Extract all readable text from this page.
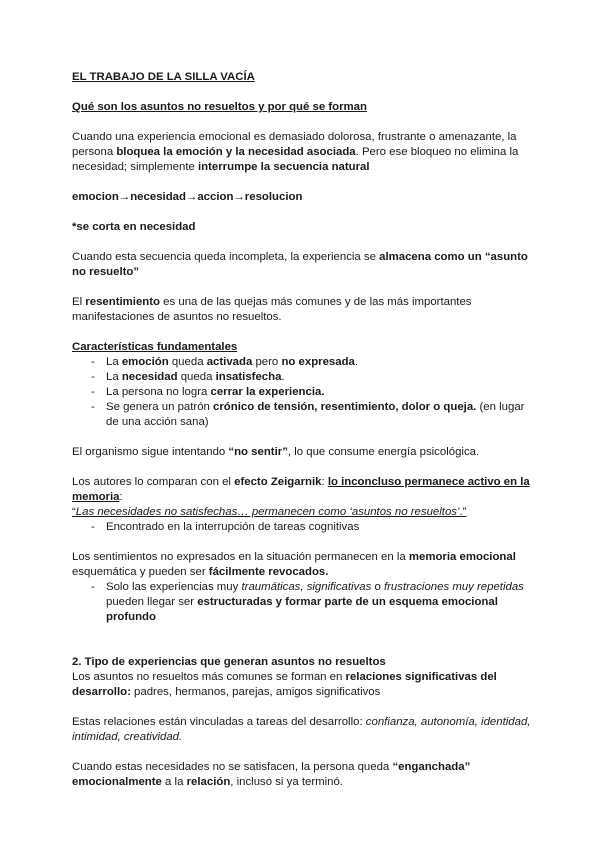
EL TRABAJO DE LA SILLA VACÍA

Qué son los asuntos no resueltos y por qué se forman

Cuando una experiencia emocional es demasiado dolorosa, frustrante o amenazante, la persona bloquea la emoción y la necesidad asociada. Pero ese bloqueo no elimina la necesidad; simplemente interrumpe la secuencia natural

emocion→necesidad→accion→resolucion

*se corta en necesidad

Cuando esta secuencia queda incompleta, la experiencia se almacena como un “asunto no resuelto”

El resentimiento es una de las quejas más comunes y de las más importantes manifestaciones de asuntos no resueltos.

Características fundamentales

- La emoción queda activada pero no expresada.
- La necesidad queda insatisfecha.
- La persona no logra cerrar la experiencia.
- Se genera un patrón crónico de tensión, resentimiento, dolor o queja. (en lugar de una acción sana)

El organismo sigue intentando “no sentir”, lo que consume energía psicológica.

Los autores lo comparan con el efecto Zeigarnik: lo inconcluso permanece activo en la memoria:

“Las necesidades no satisfechas… permanecen como ‘asuntos no resueltos’.”

- Encontrado en la interrupción de tareas cognitivas

Los sentimientos no expresados en la situación permanecen en la memoria emocional esquemática y pueden ser fácilmente revocados.

- Solo las experiencias muy traumáticas, significativas o frustraciones muy repetidas pueden llegar ser estructuradas y formar parte de un esquema emocional profundo

2. Tipo de experiencias que generan asuntos no resueltos

Los asuntos no resueltos más comunes se forman en relaciones significativas del desarrollo: padres, hermanos, parejas, amigos significativos

Estas relaciones están vinculadas a tareas del desarrollo: confianza, autonomía, identidad, intimidad, creatividad.

Cuando estas necesidades no se satisfacen, la persona queda “enganchada” emocionalmente a la relación, incluso si ya terminó.
